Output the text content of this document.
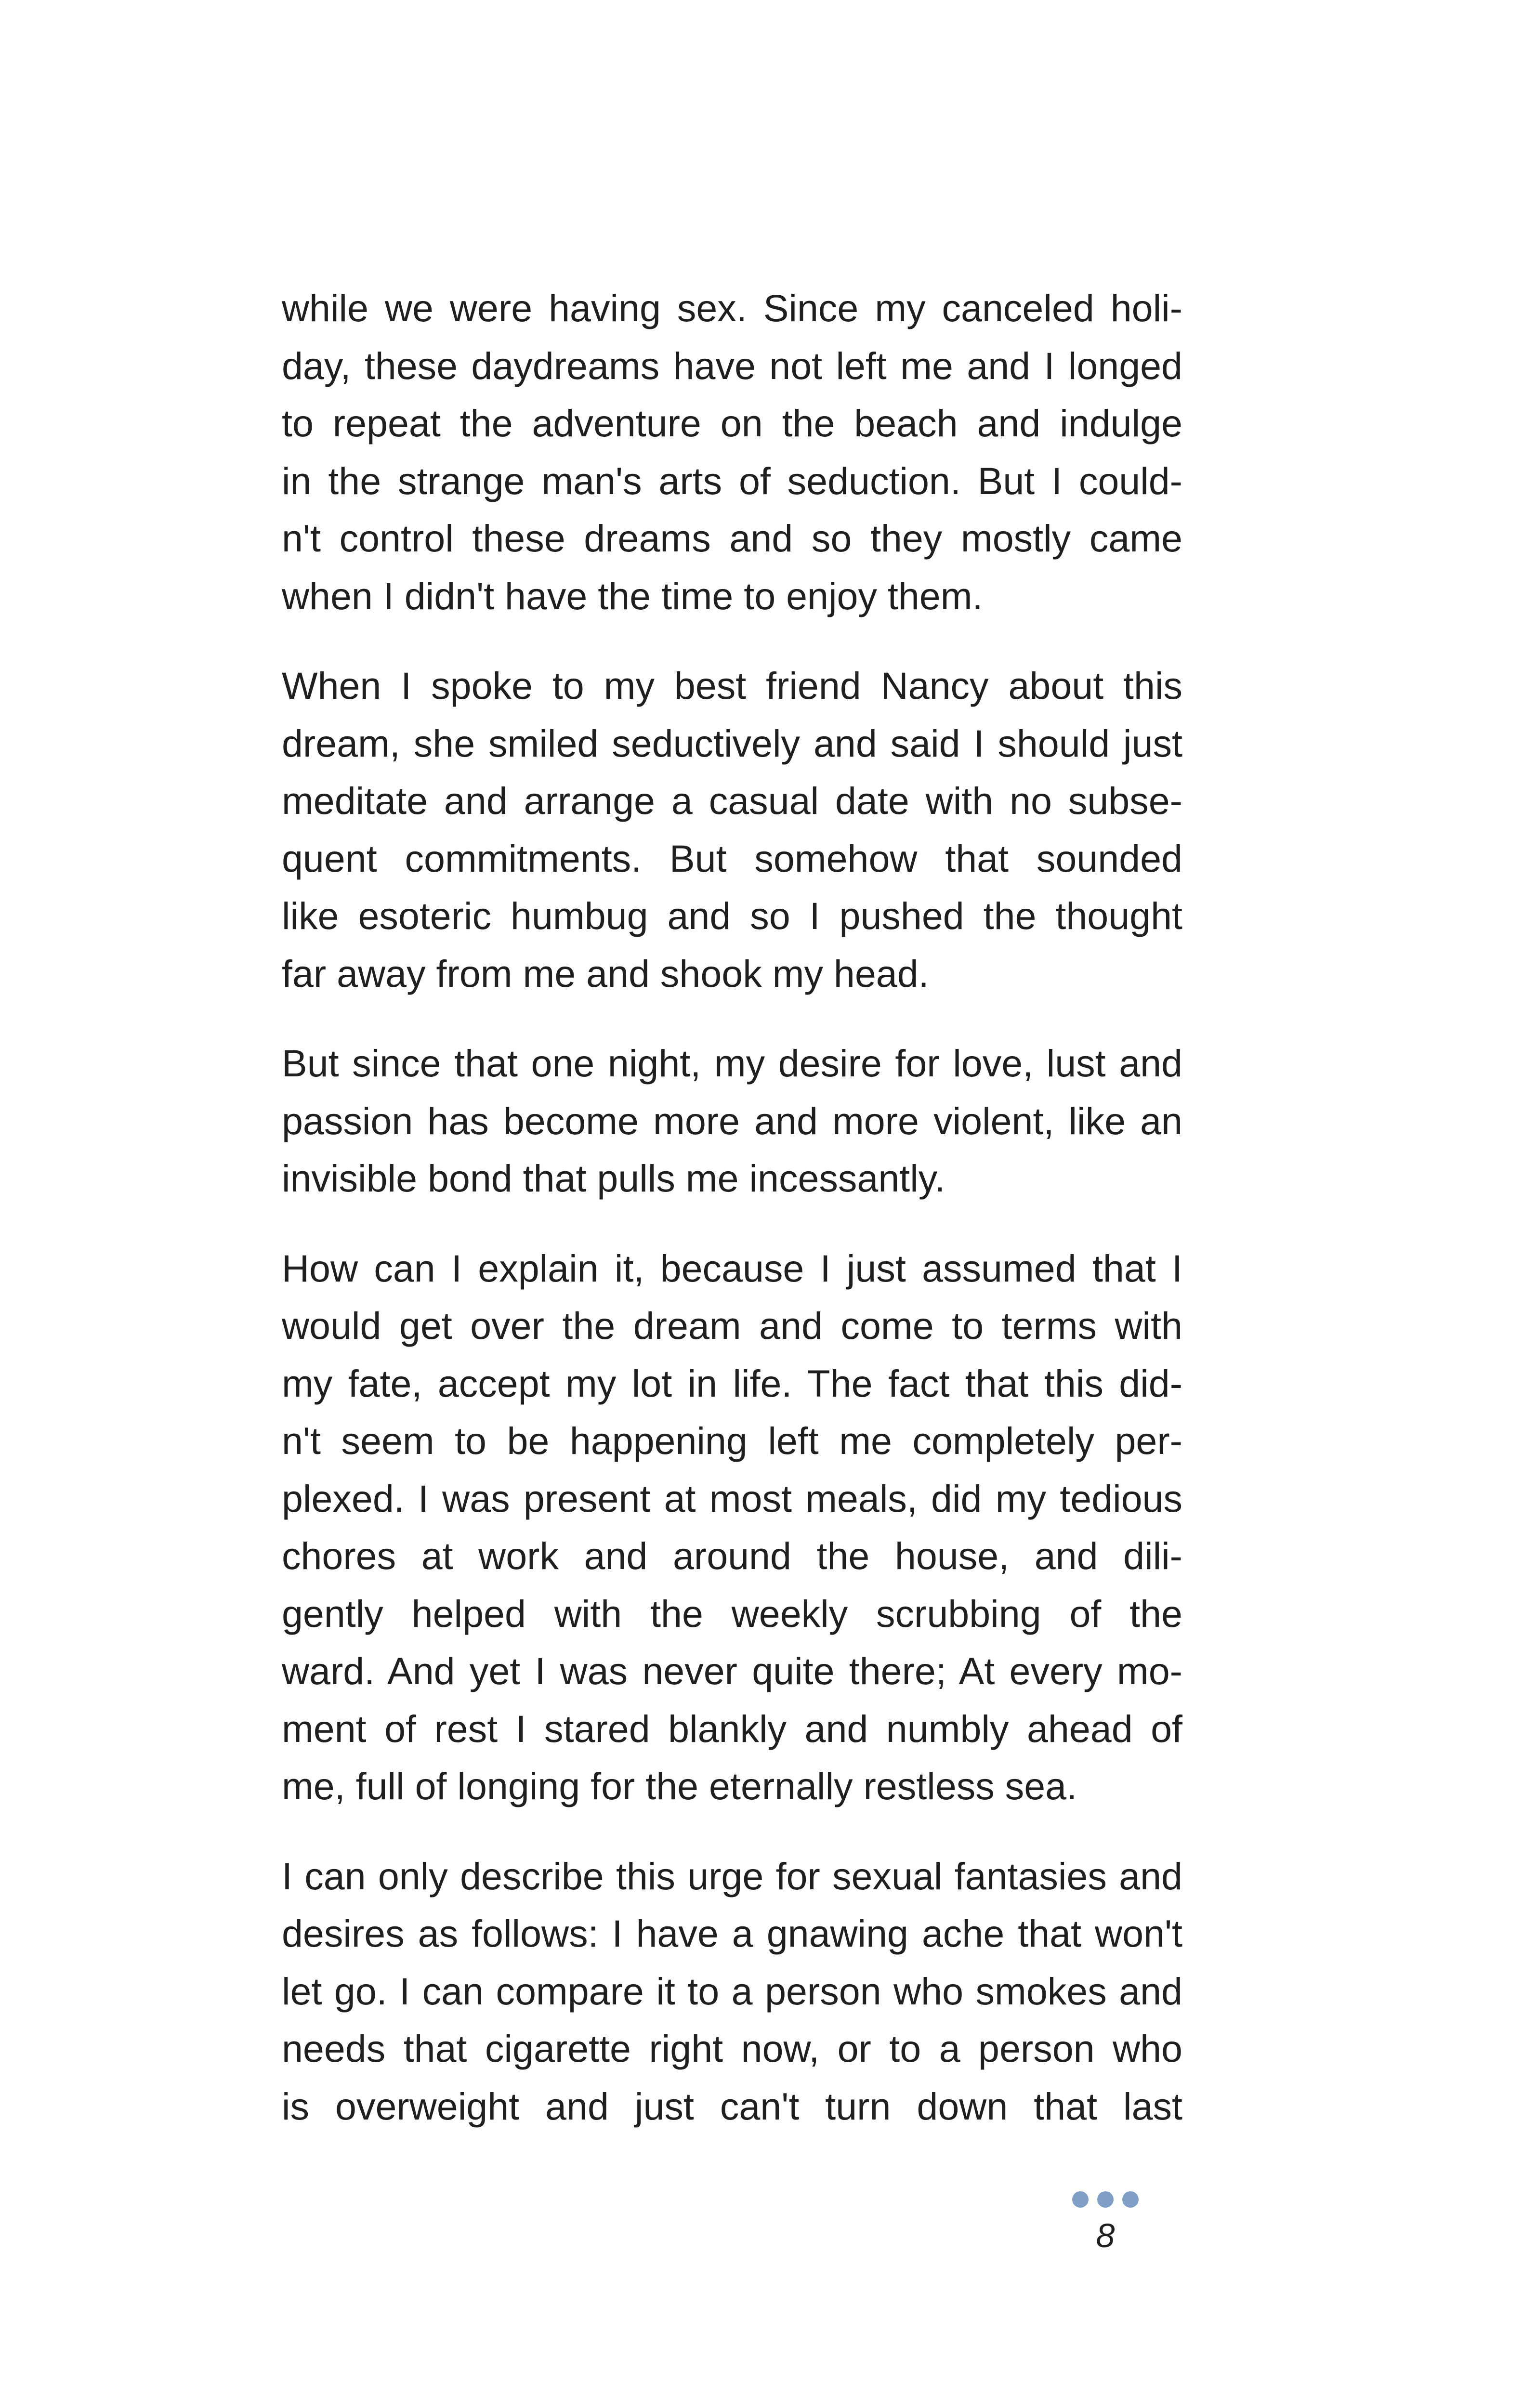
while we were having sex. Since my canceled holi-
day, these daydreams have not left me and I longed
to repeat the adventure on the beach and indulge
in the strange man's arts of seduction. But I could-
n't control these dreams and so they mostly came
when I didn't have the time to enjoy them.

When I spoke to my best friend Nancy about this
dream, she smiled seductively and said I should just
meditate and arrange a casual date with no subse-
quent commitments. But somehow that sounded
like esoteric humbug and so I pushed the thought
far away from me and shook my head.

But since that one night, my desire for love, lust and
passion has become more and more violent, like an
invisible bond that pulls me incessantly.

How can I explain it, because I just assumed that I
would get over the dream and come to terms with
my fate, accept my lot in life. The fact that this did-
n't seem to be happening left me completely per-
plexed. I was present at most meals, did my tedious
chores at work and around the house, and dili-
gently helped with the weekly scrubbing of the
ward. And yet I was never quite there; At every mo-
ment of rest I stared blankly and numbly ahead of
me, full of longing for the eternally restless sea.

I can only describe this urge for sexual fantasies and
desires as follows: I have a gnawing ache that won't
let go. I can compare it to a person who smokes and
needs that cigarette right now, or to a person who
is overweight and just can't turn down that last

8
